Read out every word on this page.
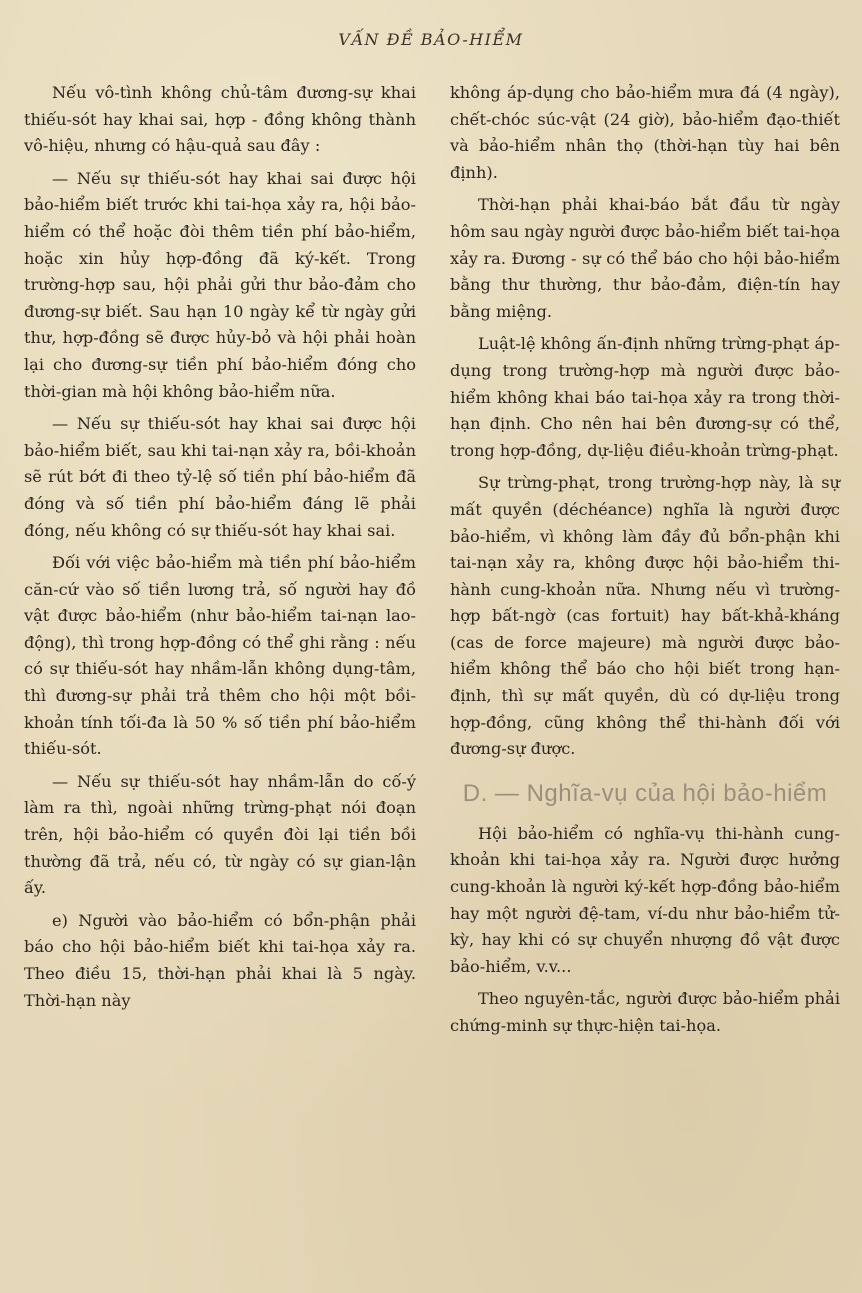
VẤN ĐỀ BẢO-HIỂM

Nếu vô-tình không chủ-tâm đương-sự khai thiếu-sót hay khai sai, hợp - đồng không thành vô-hiệu, nhưng có hậu-quả sau đây :

— Nếu sự thiếu-sót hay khai sai được hội bảo-hiểm biết trước khi tai-họa xảy ra, hội bảo-hiểm có thể hoặc đòi thêm tiền phí bảo-hiểm, hoặc xin hủy hợp-đồng đã ký-kết. Trong trường-hợp sau, hội phải gửi thư bảo-đảm cho đương-sự biết. Sau hạn 10 ngày kể từ ngày gửi thư, hợp-đồng sẽ được hủy-bỏ và hội phải hoàn lại cho đương-sự tiền phí bảo-hiểm đóng cho thời-gian mà hội không bảo-hiểm nữa.

— Nếu sự thiếu-sót hay khai sai được hội bảo-hiểm biết, sau khi tai-nạn xảy ra, bồi-khoản sẽ rút bớt đi theo tỷ-lệ số tiền phí bảo-hiểm đã đóng và số tiền phí bảo-hiểm đáng lẽ phải đóng, nếu không có sự thiếu-sót hay khai sai.

Đối với việc bảo-hiểm mà tiền phí bảo-hiểm căn-cứ vào số tiền lương trả, số người hay đồ vật được bảo-hiểm (như bảo-hiểm tai-nạn lao-động), thì trong hợp-đồng có thể ghi rằng : nếu có sự thiếu-sót hay nhầm-lẫn không dụng-tâm, thì đương-sự phải trả thêm cho hội một bồi-khoản tính tối-đa là 50 % số tiền phí bảo-hiểm thiếu-sót.

— Nếu sự thiếu-sót hay nhầm-lẫn do cố-ý làm ra thì, ngoài những trừng-phạt nói đoạn trên, hội bảo-hiểm có quyền đòi lại tiền bồi thường đã trả, nếu có, từ ngày có sự gian-lận ấy.

e) Người vào bảo-hiểm có bổn-phận phải báo cho hội bảo-hiểm biết khi tai-họa xảy ra. Theo điều 15, thời-hạn phải khai là 5 ngày. Thời-hạn này

không áp-dụng cho bảo-hiểm mưa đá (4 ngày), chết-chóc súc-vật (24 giờ), bảo-hiểm đạo-thiết và bảo-hiểm nhân thọ (thời-hạn tùy hai bên định).

Thời-hạn phải khai-báo bắt đầu từ ngày hôm sau ngày người được bảo-hiểm biết tai-họa xảy ra. Đương - sự có thể báo cho hội bảo-hiểm bằng thư thường, thư bảo-đảm, điện-tín hay bằng miệng.

Luật-lệ không ấn-định những trừng-phạt áp-dụng trong trường-hợp mà người được bảo-hiểm không khai báo tai-họa xảy ra trong thời-hạn định. Cho nên hai bên đương-sự có thể, trong hợp-đồng, dự-liệu điều-khoản trừng-phạt.

Sự trừng-phạt, trong trường-hợp này, là sự mất quyền (déchéance) nghĩa là người được bảo-hiểm, vì không làm đầy đủ bổn-phận khi tai-nạn xảy ra, không được hội bảo-hiểm thi-hành cung-khoản nữa. Nhưng nếu vì trường-hợp bất-ngờ (cas fortuit) hay bất-khả-kháng (cas de force majeure) mà người được bảo-hiểm không thể báo cho hội biết trong hạn-định, thì sự mất quyền, dù có dự-liệu trong hợp-đồng, cũng không thể thi-hành đối với đương-sự được.

D. — Nghĩa-vụ của hội bảo-hiểm

Hội bảo-hiểm có nghĩa-vụ thi-hành cung-khoản khi tai-họa xảy ra. Người được hưởng cung-khoản là người ký-kết hợp-đồng bảo-hiểm hay một người đệ-tam, ví-du như bảo-hiểm tử-kỳ, hay khi có sự chuyển nhượng đồ vật được bảo-hiểm, v.v...

Theo nguyên-tắc, người được bảo-hiểm phải chứng-minh sự thực-hiện tai-họa.
